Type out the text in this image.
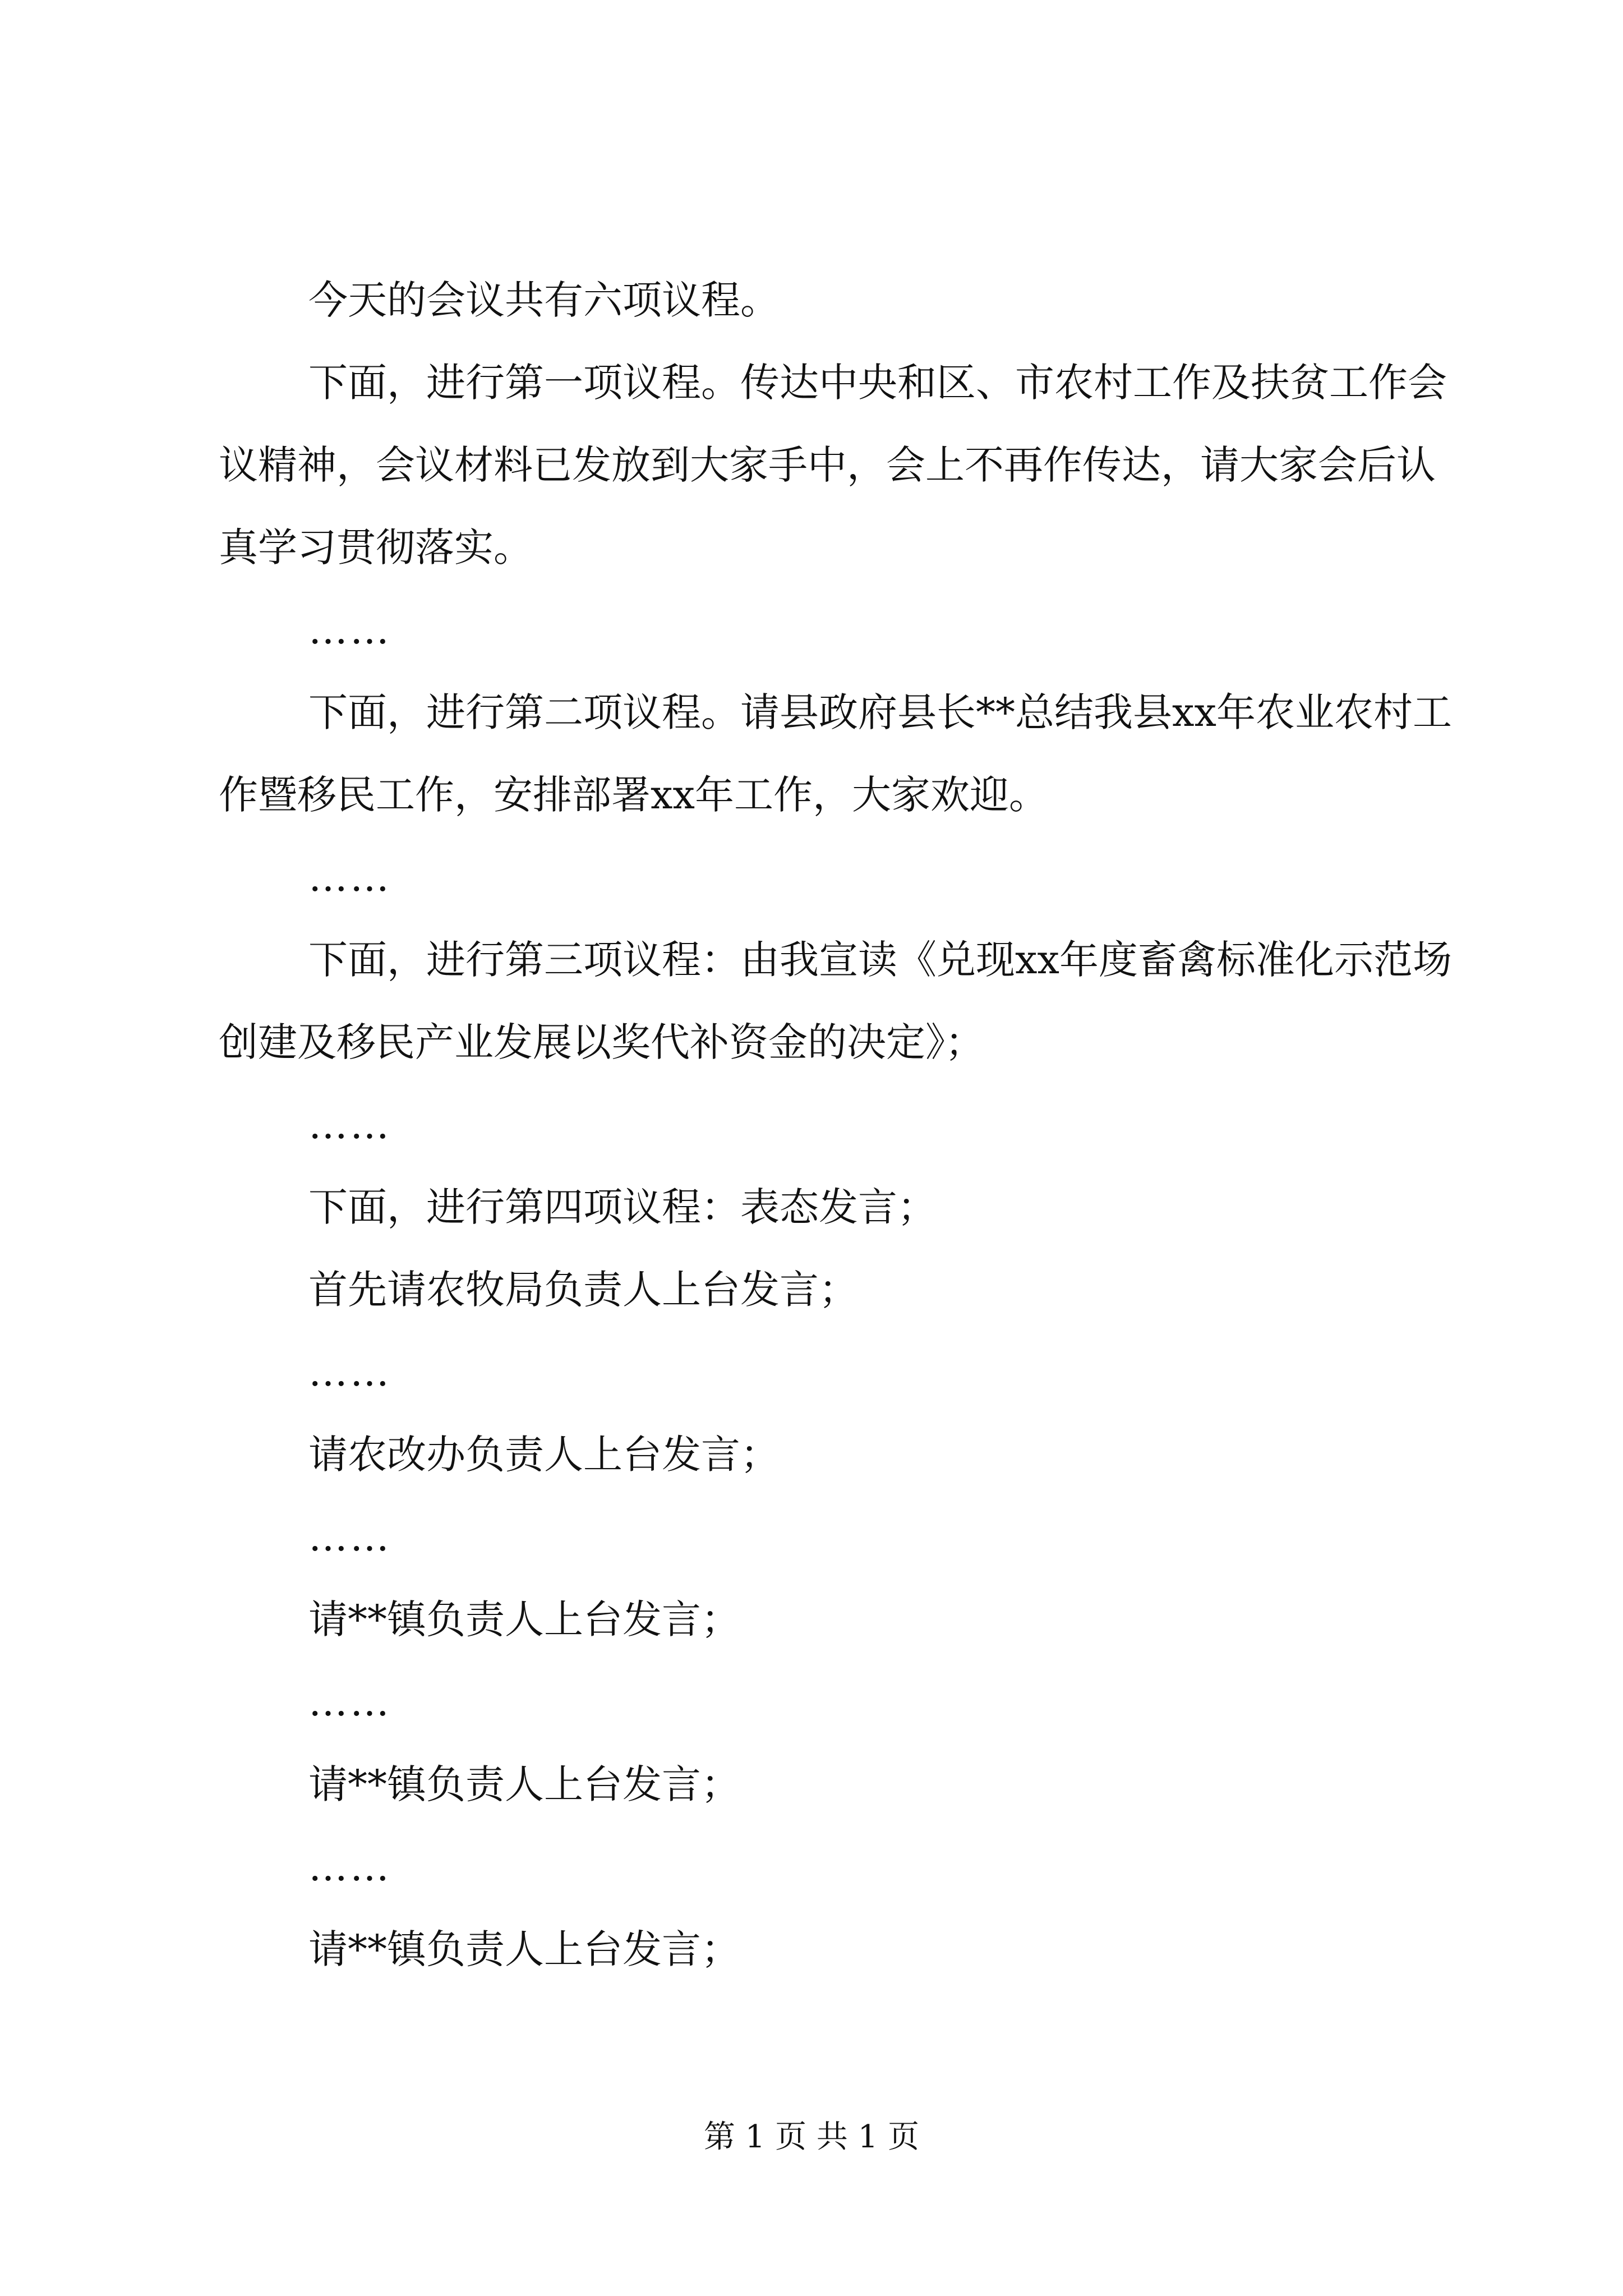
今天的会议共有六项议程。

下面，进行第一项议程。传达中央和区、市农村工作及扶贫工作会议精神，会议材料已发放到大家手中，会上不再作传达，请大家会后认真学习贯彻落实。

……

下面，进行第二项议程。请县政府县长**总结我县xx年农业农村工作暨移民工作，安排部署xx年工作，大家欢迎。

……

下面，进行第三项议程：由我宣读《兑现xx年度畜禽标准化示范场创建及移民产业发展以奖代补资金的决定》；

……

下面，进行第四项议程：表态发言；

首先请农牧局负责人上台发言；

……

请农改办负责人上台发言；

……

请**镇负责人上台发言；

……

请**镇负责人上台发言；

……

请**镇负责人上台发言；

第 1 页 共 1 页
